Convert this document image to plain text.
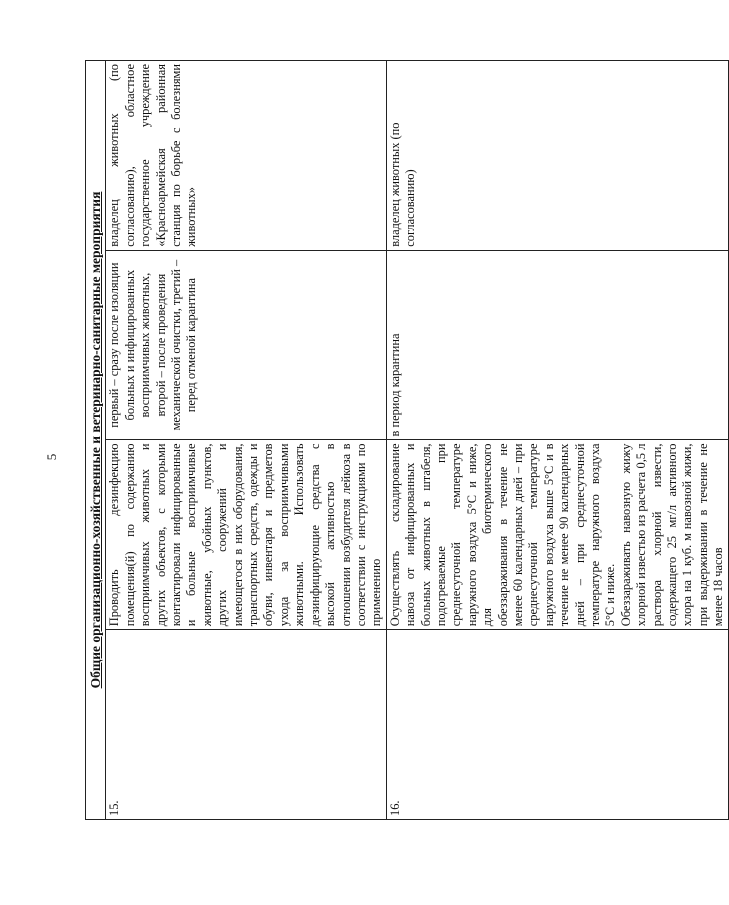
5 Общие организационно-хозяйственные и ветеринарно-санитарные мероприятия			
15.	Проводить дезинфекцию помещения(й) по содержанию восприимчивых животных и других объектов, с которыми контактировали инфицированные и больные восприимчивые животные, убойных пунктов, других сооружений и имеющегося в них оборудования, транспортных средств, одежды и обуви, инвентаря и предметов ухода за восприимчивыми животными. Использовать дезинфицирующие средства с высокой активностью в отношении возбудителя лейкоза в соответствии с инструкциями по применению	первый – сразу после изоляции больных и инфицированных восприимчивых животных, второй – после проведения механической очистки, третий – перед отменой карантина	владелец животных (по согласованию), областное государственное учреждение «Красноармейская районная станция по борьбе с болезнями животных»
16.	Осуществлять складирование навоза от инфицированных и больных животных в штабеля, подогреваемые при среднесуточной температуре наружного воздуха 5°С и ниже, для биотермического обеззараживания в течение не менее 60 календарных дней – при среднесуточной температуре наружного воздуха выше 5°С и в течение не менее 90 календарных дней – при среднесуточной температуре наружного воздуха 5°С и ниже. Обеззараживать навозную жижу хлорной известью из расчета 0,5 л раствора хлорной извести, содержащего 25 мг/л активного хлора на 1 куб. м навозной жижи, при выдерживании в течение не менее 18 часов	в период карантина	владелец животных (по согласованию)
